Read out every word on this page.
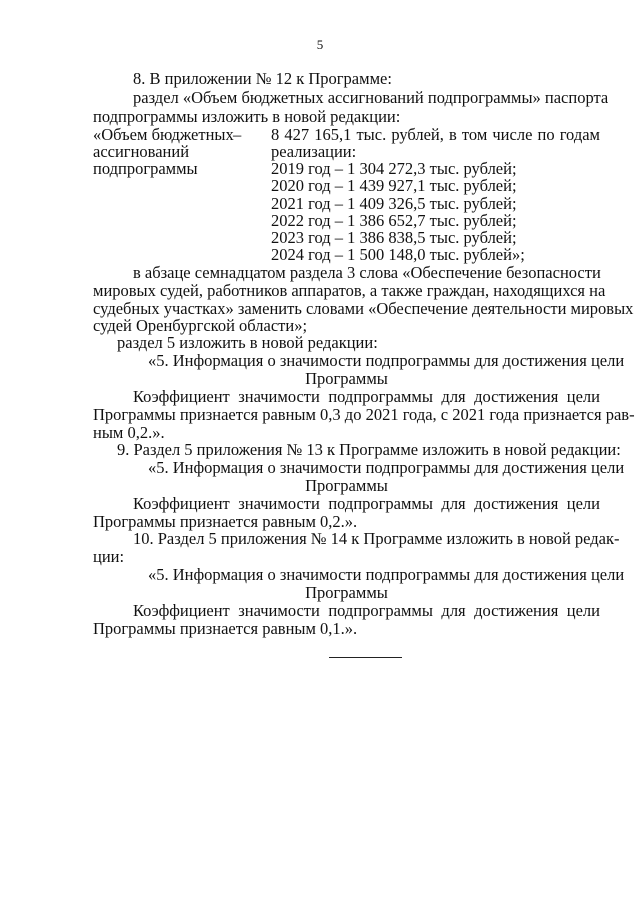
5
8. В приложении № 12 к Программе:
раздел «Объем бюджетных ассигнований подпрограммы» паспорта
подпрограммы изложить в новой редакции:
«Объем бюджетных
ассигнований
подпрограммы
– 8 427 165,1 тыс. рублей, в том числе по годам
реализации:
2019 год – 1 304 272,3 тыс. рублей;
2020 год – 1 439 927,1 тыс. рублей;
2021 год – 1 409 326,5 тыс. рублей;
2022 год – 1 386 652,7 тыс. рублей;
2023 год – 1 386 838,5 тыс. рублей;
2024 год – 1 500 148,0 тыс. рублей»;
в абзаце семнадцатом раздела 3 слова «Обеспечение безопасности
мировых судей, работников аппаратов, а также граждан, находящихся на
судебных участках» заменить словами «Обеспечение деятельности мировых
судей Оренбургской области»;
раздел 5 изложить в новой редакции:
«5. Информация о значимости подпрограммы для достижения цели
Программы
Коэффициент значимости подпрограммы для достижения цели
Программы признается равным 0,3 до 2021 года, с 2021 года признается рав-
ным 0,2.».
9. Раздел 5 приложения № 13 к Программе изложить в новой редакции:
«5. Информация о значимости подпрограммы для достижения цели
Программы
Коэффициент значимости подпрограммы для достижения цели
Программы признается равным 0,2.».
10. Раздел 5 приложения № 14 к Программе изложить в новой редак-
ции:
«5. Информация о значимости подпрограммы для достижения цели
Программы
Коэффициент значимости подпрограммы для достижения цели
Программы признается равным 0,1.».
